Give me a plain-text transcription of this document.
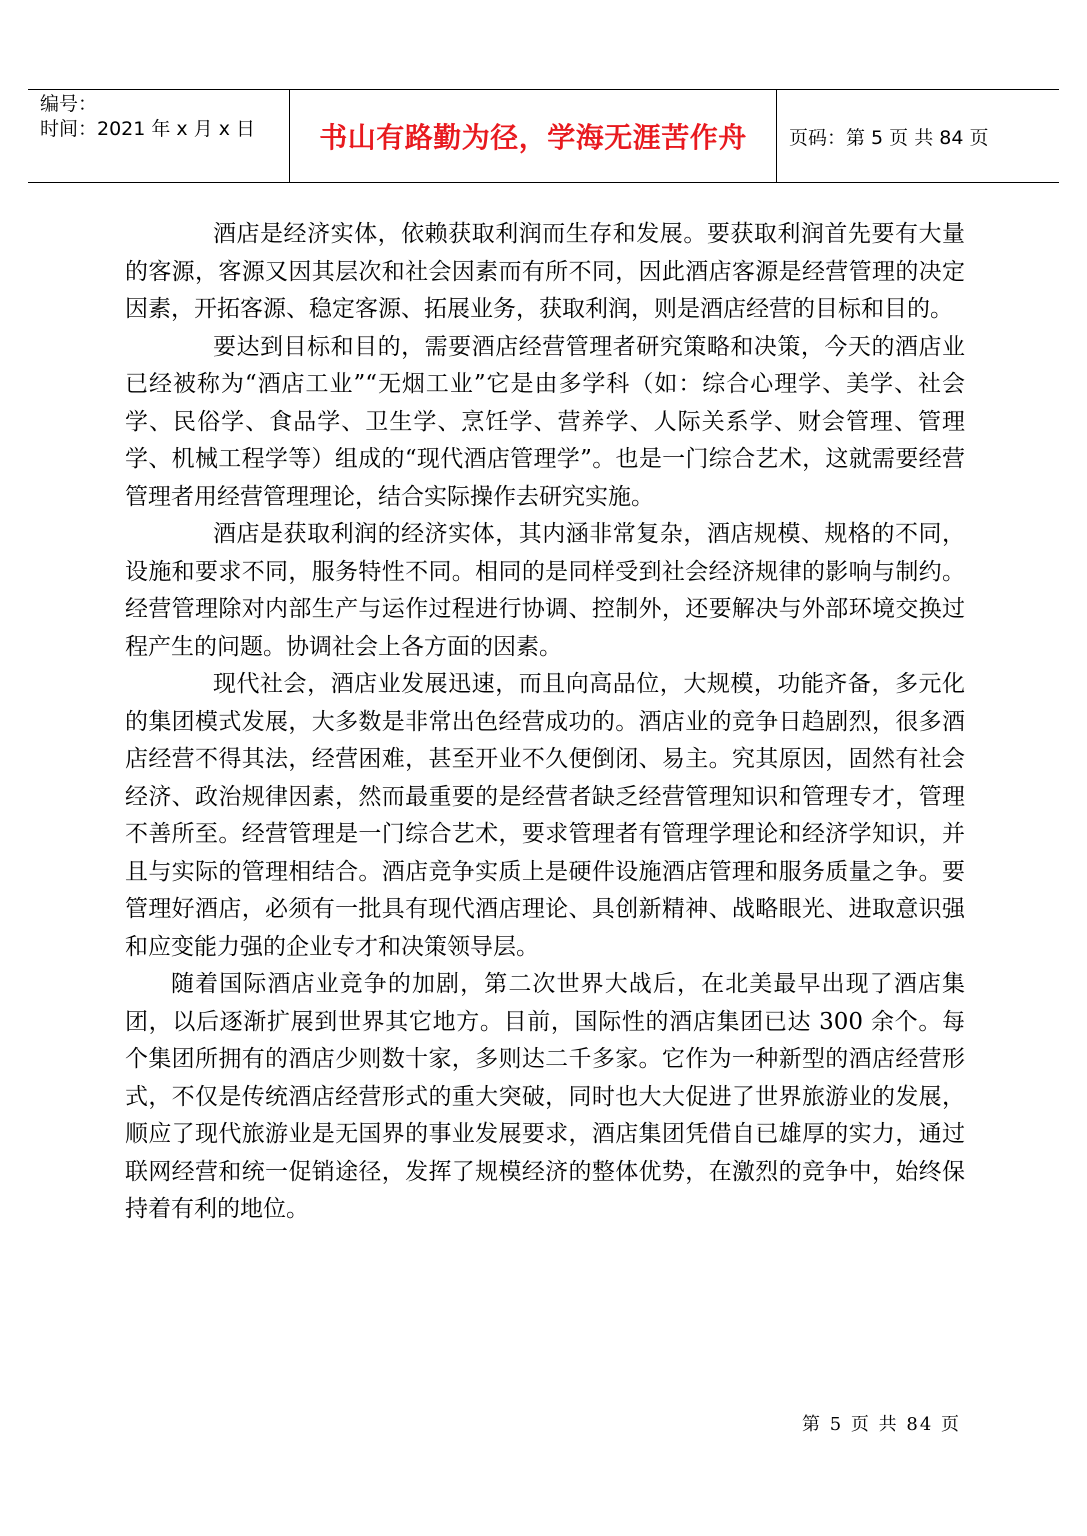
编号：
时间：2021 年 x 月 x 日	书山有路勤为径，学海无涯苦作舟 页码：第 5 页 共 84 页

酒店是经济实体，依赖获取利润而生存和发展。要获取利润首先要有大量的客源，客源又因其层次和社会因素而有所不同，因此酒店客源是经营管理的决定因素，开拓客源、稳定客源、拓展业务，获取利润，则是酒店经营的目标和目的。

要达到目标和目的，需要酒店经营管理者研究策略和决策，今天的酒店业已经被称为“酒店工业”“无烟工业”它是由多学科（如：综合心理学、美学、社会学、民俗学、食品学、卫生学、烹饪学、营养学、人际关系学、财会管理、管理学、机械工程学等）组成的“现代酒店管理学”。也是一门综合艺术，这就需要经营管理者用经营管理理论，结合实际操作去研究实施。

酒店是获取利润的经济实体，其内涵非常复杂，酒店规模、规格的不同，设施和要求不同，服务特性不同。相同的是同样受到社会经济规律的影响与制约。经营管理除对内部生产与运作过程进行协调、控制外，还要解决与外部环境交换过程产生的问题。协调社会上各方面的因素。

现代社会，酒店业发展迅速，而且向高品位，大规模，功能齐备，多元化的集团模式发展，大多数是非常出色经营成功的。酒店业的竞争日趋剧烈，很多酒店经营不得其法，经营困难，甚至开业不久便倒闭、易主。究其原因，固然有社会经济、政治规律因素，然而最重要的是经营者缺乏经营管理知识和管理专才，管理不善所至。经营管理是一门综合艺术，要求管理者有管理学理论和经济学知识，并且与实际的管理相结合。酒店竞争实质上是硬件设施酒店管理和服务质量之争。要管理好酒店，必须有一批具有现代酒店理论、具创新精神、战略眼光、进取意识强和应变能力强的企业专才和决策领导层。

随着国际酒店业竞争的加剧，第二次世界大战后，在北美最早出现了酒店集团，以后逐渐扩展到世界其它地方。目前，国际性的酒店集团已达 300 余个。每个集团所拥有的酒店少则数十家，多则达二千多家。它作为一种新型的酒店经营形式，不仅是传统酒店经营形式的重大突破，同时也大大促进了世界旅游业的发展，顺应了现代旅游业是无国界的事业发展要求，酒店集团凭借自已雄厚的实力，通过联网经营和统一促销途径，发挥了规模经济的整体优势，在激烈的竞争中，始终保持着有利的地位。

第 5 页 共 84 页
